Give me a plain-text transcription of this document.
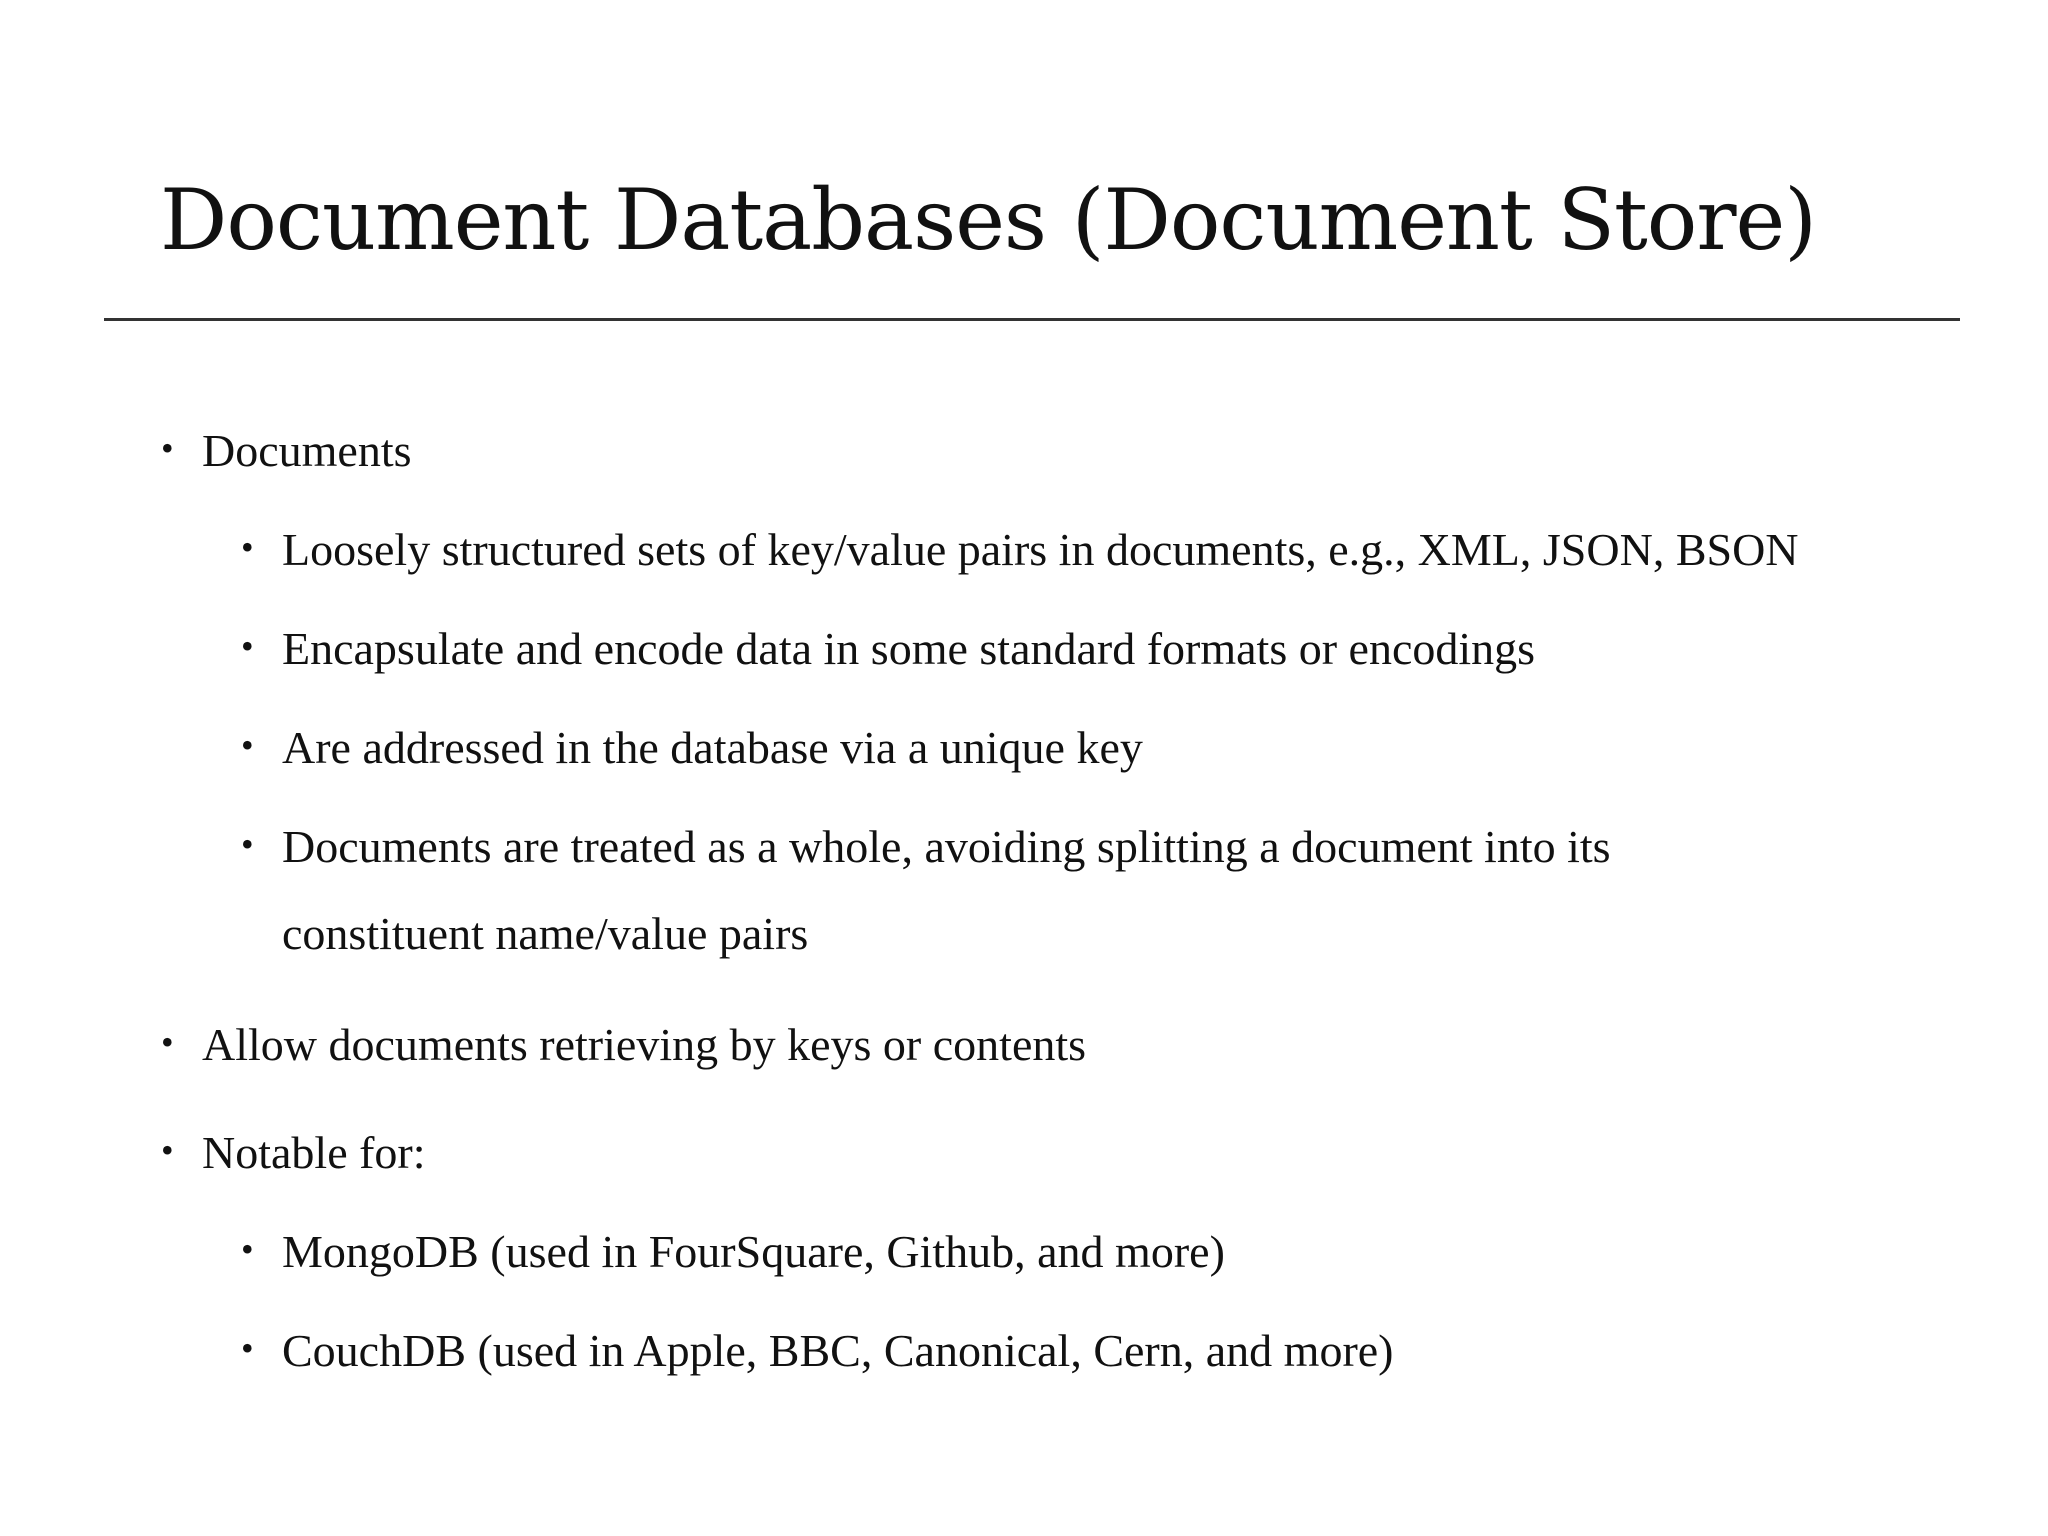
Document Databases (Document Store)

• Documents

• Loosely structured sets of key/value pairs in documents, e.g., XML, JSON, BSON

• Encapsulate and encode data in some standard formats or encodings

• Are addressed in the database via a unique key

• Documents are treated as a whole, avoiding splitting a document into its

constituent name/value pairs

• Allow documents retrieving by keys or contents

• Notable for:

• MongoDB (used in FourSquare, Github, and more)

• CouchDB (used in Apple, BBC, Canonical, Cern, and more)
